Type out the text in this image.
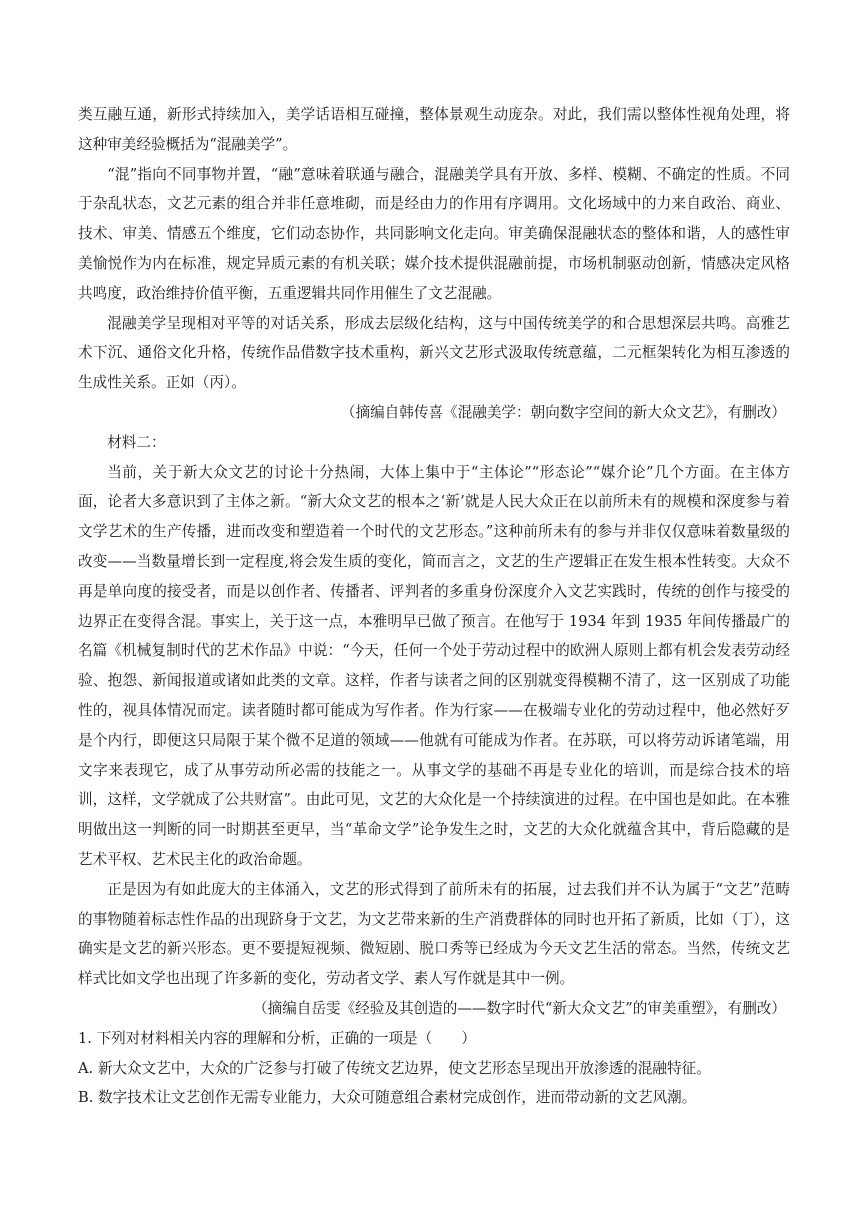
类互融互通，新形式持续加入，美学话语相互碰撞，整体景观生动庞杂。对此，我们需以整体性视角处理，将这种审美经验概括为“混融美学”。

“混”指向不同事物并置，“融”意味着联通与融合，混融美学具有开放、多样、模糊、不确定的性质。不同于杂乱状态，文艺元素的组合并非任意堆砌，而是经由力的作用有序调用。文化场域中的力来自政治、商业、技术、审美、情感五个维度，它们动态协作，共同影响文化走向。审美确保混融状态的整体和谐，人的感性审美愉悦作为内在标准，规定异质元素的有机关联；媒介技术提供混融前提，市场机制驱动创新，情感决定风格共鸣度，政治维持价值平衡，五重逻辑共同作用催生了文艺混融。

混融美学呈现相对平等的对话关系，形成去层级化结构，这与中国传统美学的和合思想深层共鸣。高雅艺术下沉、通俗文化升格，传统作品借数字技术重构，新兴文艺形式汲取传统意蕴，二元框架转化为相互渗透的生成性关系。正如（丙）。

（摘编自韩传喜《混融美学：朝向数字空间的新大众文艺》，有删改）

材料二：

当前，关于新大众文艺的讨论十分热闹，大体上集中于“主体论”“形态论”“媒介论”几个方面。在主体方面，论者大多意识到了主体之新。“新大众文艺的根本之‘新’就是人民大众正在以前所未有的规模和深度参与着文学艺术的生产传播，进而改变和塑造着一个时代的文艺形态。”这种前所未有的参与并非仅仅意味着数量级的改变——当数量增长到一定程度,将会发生质的变化，简而言之，文艺的生产逻辑正在发生根本性转变。大众不再是单向度的接受者，而是以创作者、传播者、评判者的多重身份深度介入文艺实践时，传统的创作与接受的边界正在变得含混。事实上，关于这一点，本雅明早已做了预言。在他写于 1934 年到 1935 年间传播最广的名篇《机械复制时代的艺术作品》中说：“今天，任何一个处于劳动过程中的欧洲人原则上都有机会发表劳动经验、抱怨、新闻报道或诸如此类的文章。这样，作者与读者之间的区别就变得模糊不清了，这一区别成了功能性的，视具体情况而定。读者随时都可能成为写作者。作为行家——在极端专业化的劳动过程中，他必然好歹是个内行，即便这只局限于某个微不足道的领域——他就有可能成为作者。在苏联，可以将劳动诉诸笔端，用文字来表现它，成了从事劳动所必需的技能之一。从事文学的基础不再是专业化的培训，而是综合技术的培训，这样，文学就成了公共财富”。由此可见，文艺的大众化是一个持续演进的过程。在中国也是如此。在本雅明做出这一判断的同一时期甚至更早，当“革命文学”论争发生之时，文艺的大众化就蕴含其中，背后隐藏的是艺术平权、艺术民主化的政治命题。

正是因为有如此庞大的主体涌入，文艺的形式得到了前所未有的拓展，过去我们并不认为属于“文艺”范畴的事物随着标志性作品的出现跻身于文艺，为文艺带来新的生产消费群体的同时也开拓了新质，比如（丁），这确实是文艺的新兴形态。更不要提短视频、微短剧、脱口秀等已经成为今天文艺生活的常态。当然，传统文艺样式比如文学也出现了许多新的变化，劳动者文学、素人写作就是其中一例。

（摘编自岳雯《经验及其创造的——数字时代“新大众文艺”的审美重塑》，有删改）

1. 下列对材料相关内容的理解和分析，正确的一项是（　　）

A. 新大众文艺中，大众的广泛参与打破了传统文艺边界，使文艺形态呈现出开放渗透的混融特征。

B. 数字技术让文艺创作无需专业能力，大众可随意组合素材完成创作，进而带动新的文艺风潮。
